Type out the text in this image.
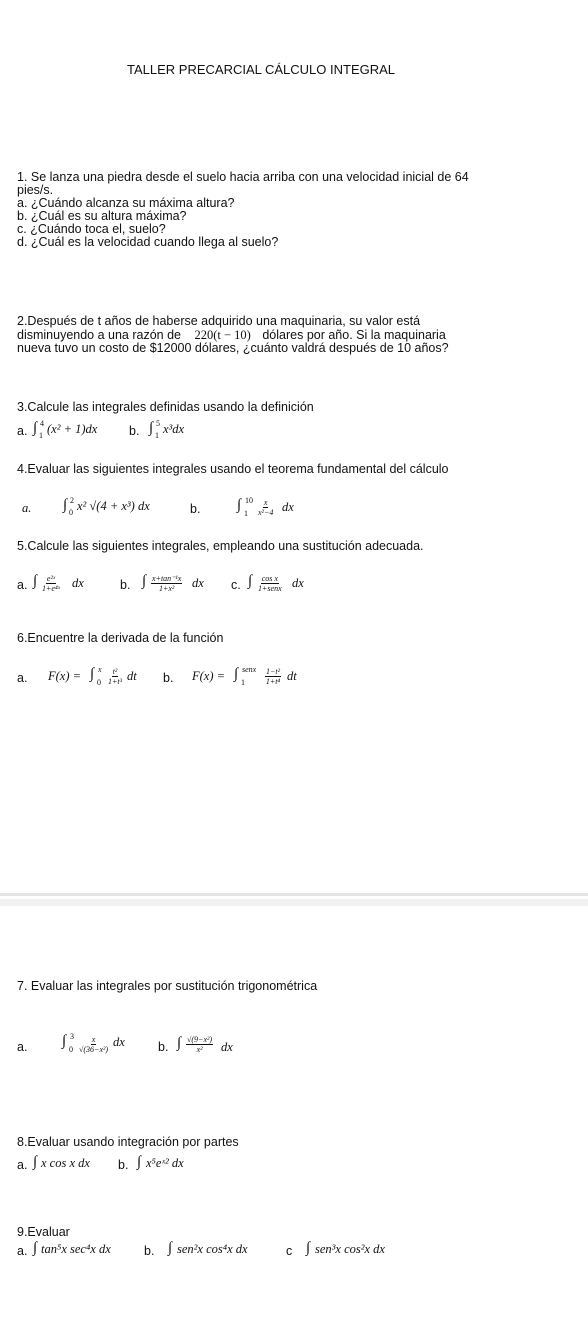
TALLER PRECARCIAL CÁLCULO INTEGRAL
1. Se lanza una piedra desde el suelo hacia arriba con una velocidad inicial de 64
pies/s.
a. ¿Cuándo alcanza su máxima altura?
b. ¿Cuál es su altura máxima?
c. ¿Cuándo toca el, suelo?
d. ¿Cuál es la velocidad cuando llega al suelo?
2.Después de t años de haberse adquirido una maquinaria, su valor está
disminuyendo a una razón de 220(t − 10) dólares por año. Si la maquinaria
nueva tuvo un costo de $12000 dólares, ¿cuánto valdrá después de 10 años?
3.Calcule las integrales definidas usando la definición
a. ∫ 4
1 (x² + 1)dx	b. ∫ 5
1 x³dx
4.Evaluar las siguientes integrales usando el teorema fundamental del cálculo
a. ∫ 2
0 x² √(4 + x³) dx	b. ∫ 10
$1 \frac{x}{\text{x²−4}}$ dx
5.Calcule las siguientes integrales, empleando una sustitución adecuada.
a. ∫ $\frac{\text{e²ˣ}}{\text{1+e⁴ˣ}}$ dx	b. ∫ $\frac{\text{x+tan⁻¹x}}{\text{1+x²}}$ dx c. ∫ cos x
1+senx dx
6.Encuentre la derivada de la función
a. F(x) = ∫ x
$0 \frac{\text{t²}}{\text{1+t³}}$ dt b. F(x) = ∫ senx
1	$\frac{\text{1−t²}}{\text{1+t⁴}}$ dt
7. Evaluar las integrales por sustitución trigonométrica
a. ∫ 3
$0 \frac{x}{\text{√(36−x²)}}$ dx	b. ∫ $\frac{\text{√(9−x²)}}{\text{x²}}$ dx
8.Evaluar usando integración por partes
a. ∫ x cos x dx b. ∫ x⁵eˣ² dx
9.Evaluar
a. ∫ tan⁵x sec⁴x dx	b. ∫ sen²x cos⁴x dx	c ∫ sen³x cos²x dx
